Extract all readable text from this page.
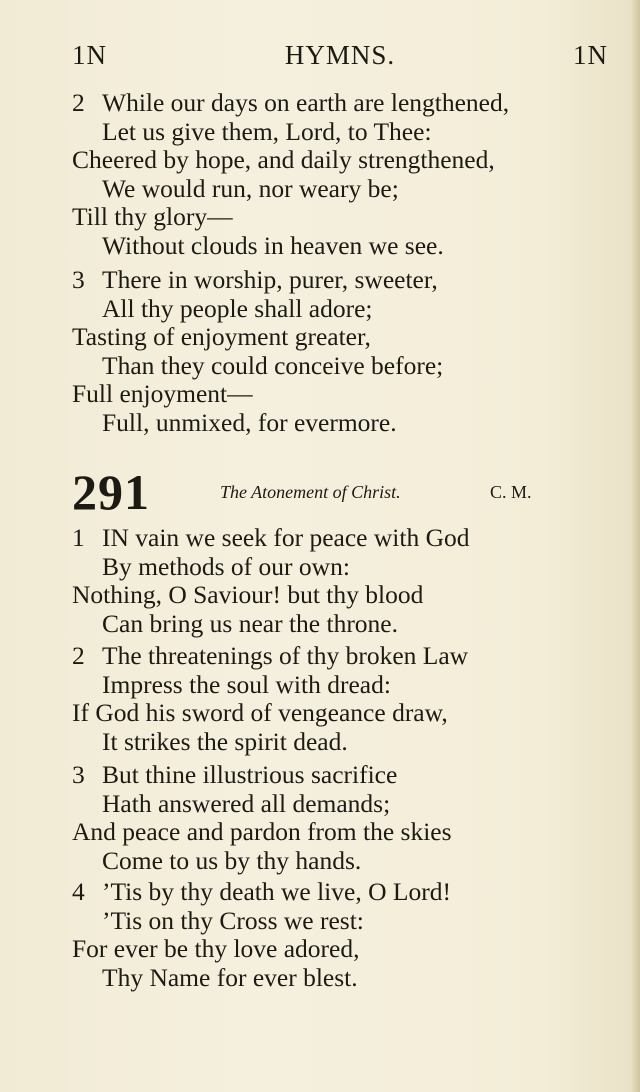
1N	HYMNS.	1N
2 While our days on earth are lengthened,
Let us give them, Lord, to Thee:
Cheered by hope, and daily strengthened,
We would run, nor weary be;
Till thy glory—
Without clouds in heaven we see.
3 There in worship, purer, sweeter,
All thy people shall adore;
Tasting of enjoyment greater,
Than they could conceive before;
Full enjoyment—
Full, unmixed, for evermore.
291	The Atonement of Christ.	C. M.
1 IN vain we seek for peace with God
By methods of our own:
Nothing, O Saviour! but thy blood
Can bring us near the throne.
2 The threatenings of thy broken Law
Impress the soul with dread:
If God his sword of vengeance draw,
It strikes the spirit dead.
3 But thine illustrious sacrifice
Hath answered all demands;
And peace and pardon from the skies
Come to us by thy hands.
4 ’Tis by thy death we live, O Lord!
’Tis on thy Cross we rest:
For ever be thy love adored,
Thy Name for ever blest.
